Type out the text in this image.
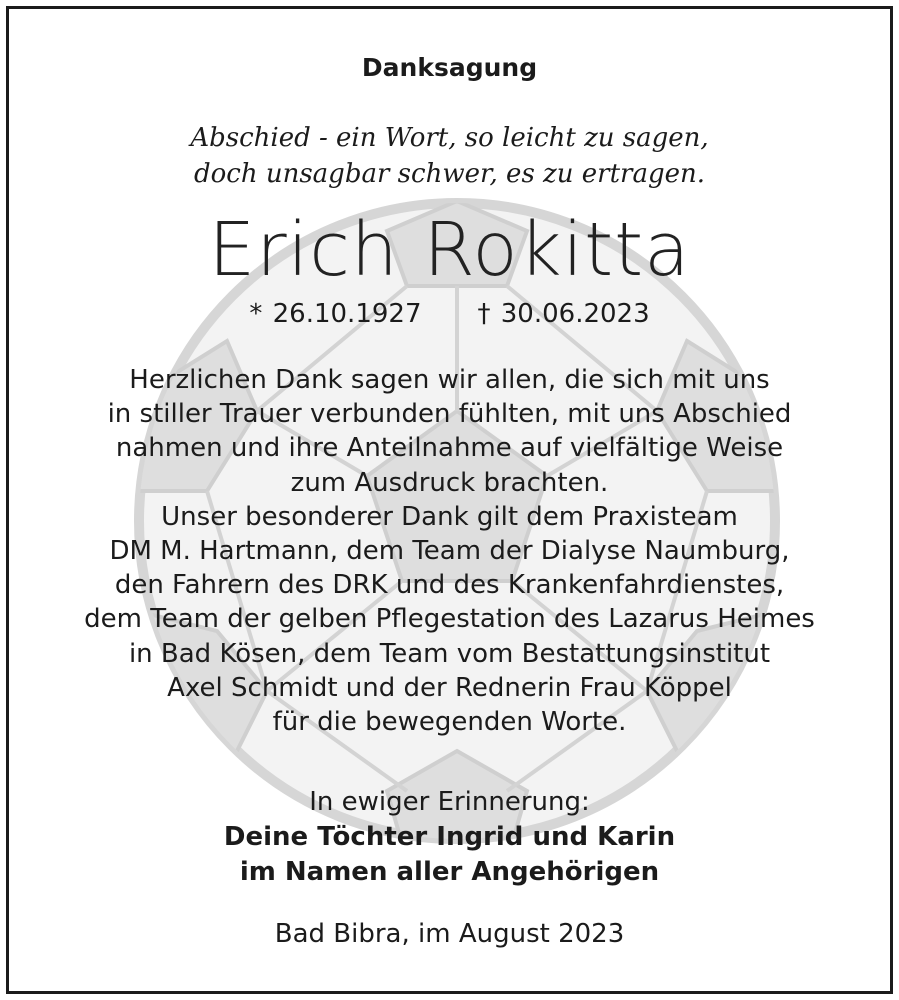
Danksagung
Abschied - ein Wort, so leicht zu sagen,
doch unsagbar schwer, es zu ertragen.
Erich Rokitta
* 26.10.1927 † 30.06.2023
Herzlichen Dank sagen wir allen, die sich mit uns
in stiller Trauer verbunden fühlten, mit uns Abschied
nahmen und ihre Anteilnahme auf vielfältige Weise
zum Ausdruck brachten.
Unser besonderer Dank gilt dem Praxisteam
DM M. Hartmann, dem Team der Dialyse Naumburg,
den Fahrern des DRK und des Krankenfahrdienstes,
dem Team der gelben Pflegestation des Lazarus Heimes
in Bad Kösen, dem Team vom Bestattungsinstitut
Axel Schmidt und der Rednerin Frau Köppel
für die bewegenden Worte.
In ewiger Erinnerung:
Deine Töchter Ingrid und Karin
im Namen aller Angehörigen
Bad Bibra, im August 2023
